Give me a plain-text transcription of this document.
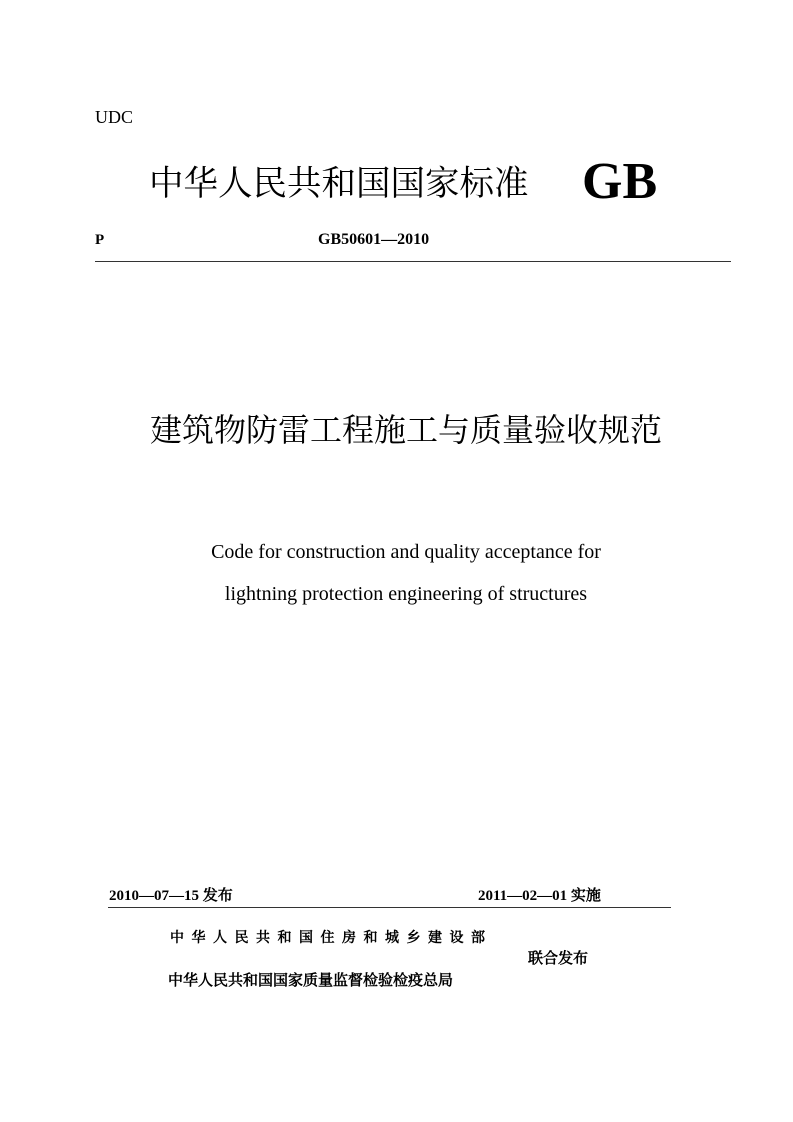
UDC
中华人民共和国国家标准 GB
P	GB50601—2010
建筑物防雷工程施工与质量验收规范
Code for construction and quality acceptance for
lightning protection engineering of structures
2010—07—15 发布	2011—02—01 实施
中华人民共和国住房和城乡建设部
联合发布
中华人民共和国国家质量监督检验检疫总局
